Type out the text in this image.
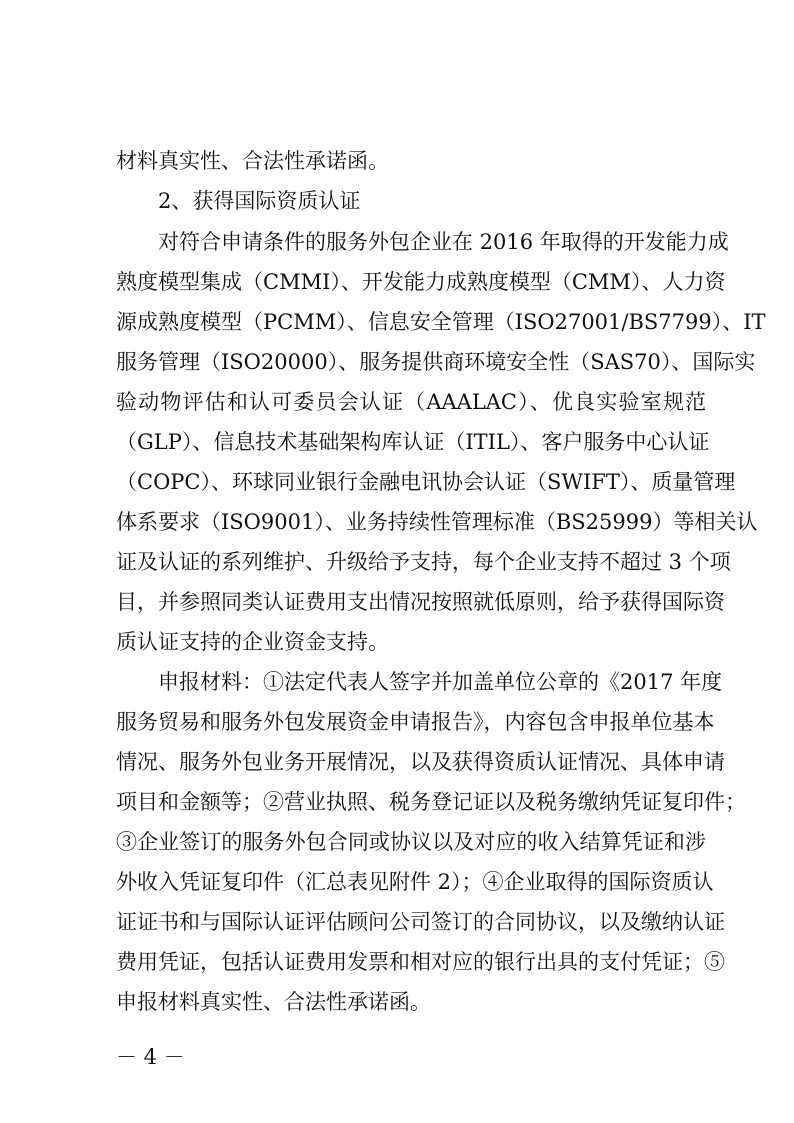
材料真实性、合法性承诺函。
2、获得国际资质认证
对符合申请条件的服务外包企业在 2016 年取得的开发能力成
熟度模型集成（CMMI）、开发能力成熟度模型（CMM）、人力资
源成熟度模型（PCMM）、信息安全管理（ISO27001/BS7799）、IT
服务管理（ISO20000）、服务提供商环境安全性（SAS70）、国际实
验动物评估和认可委员会认证（AAALAC）、优良实验室规范
（GLP）、信息技术基础架构库认证（ITIL）、客户服务中心认证
（COPC）、环球同业银行金融电讯协会认证（SWIFT）、质量管理
体系要求（ISO9001）、业务持续性管理标准（BS25999）等相关认
证及认证的系列维护、升级给予支持，每个企业支持不超过 3 个项
目，并参照同类认证费用支出情况按照就低原则，给予获得国际资
质认证支持的企业资金支持。
申报材料：①法定代表人签字并加盖单位公章的《2017 年度
服务贸易和服务外包发展资金申请报告》，内容包含申报单位基本
情况、服务外包业务开展情况，以及获得资质认证情况、具体申请
项目和金额等；②营业执照、税务登记证以及税务缴纳凭证复印件；
③企业签订的服务外包合同或协议以及对应的收入结算凭证和涉
外收入凭证复印件（汇总表见附件 2）；④企业取得的国际资质认
证证书和与国际认证评估顾问公司签订的合同协议，以及缴纳认证
费用凭证，包括认证费用发票和相对应的银行出具的支付凭证；⑤
申报材料真实性、合法性承诺函。
－ 4 －
